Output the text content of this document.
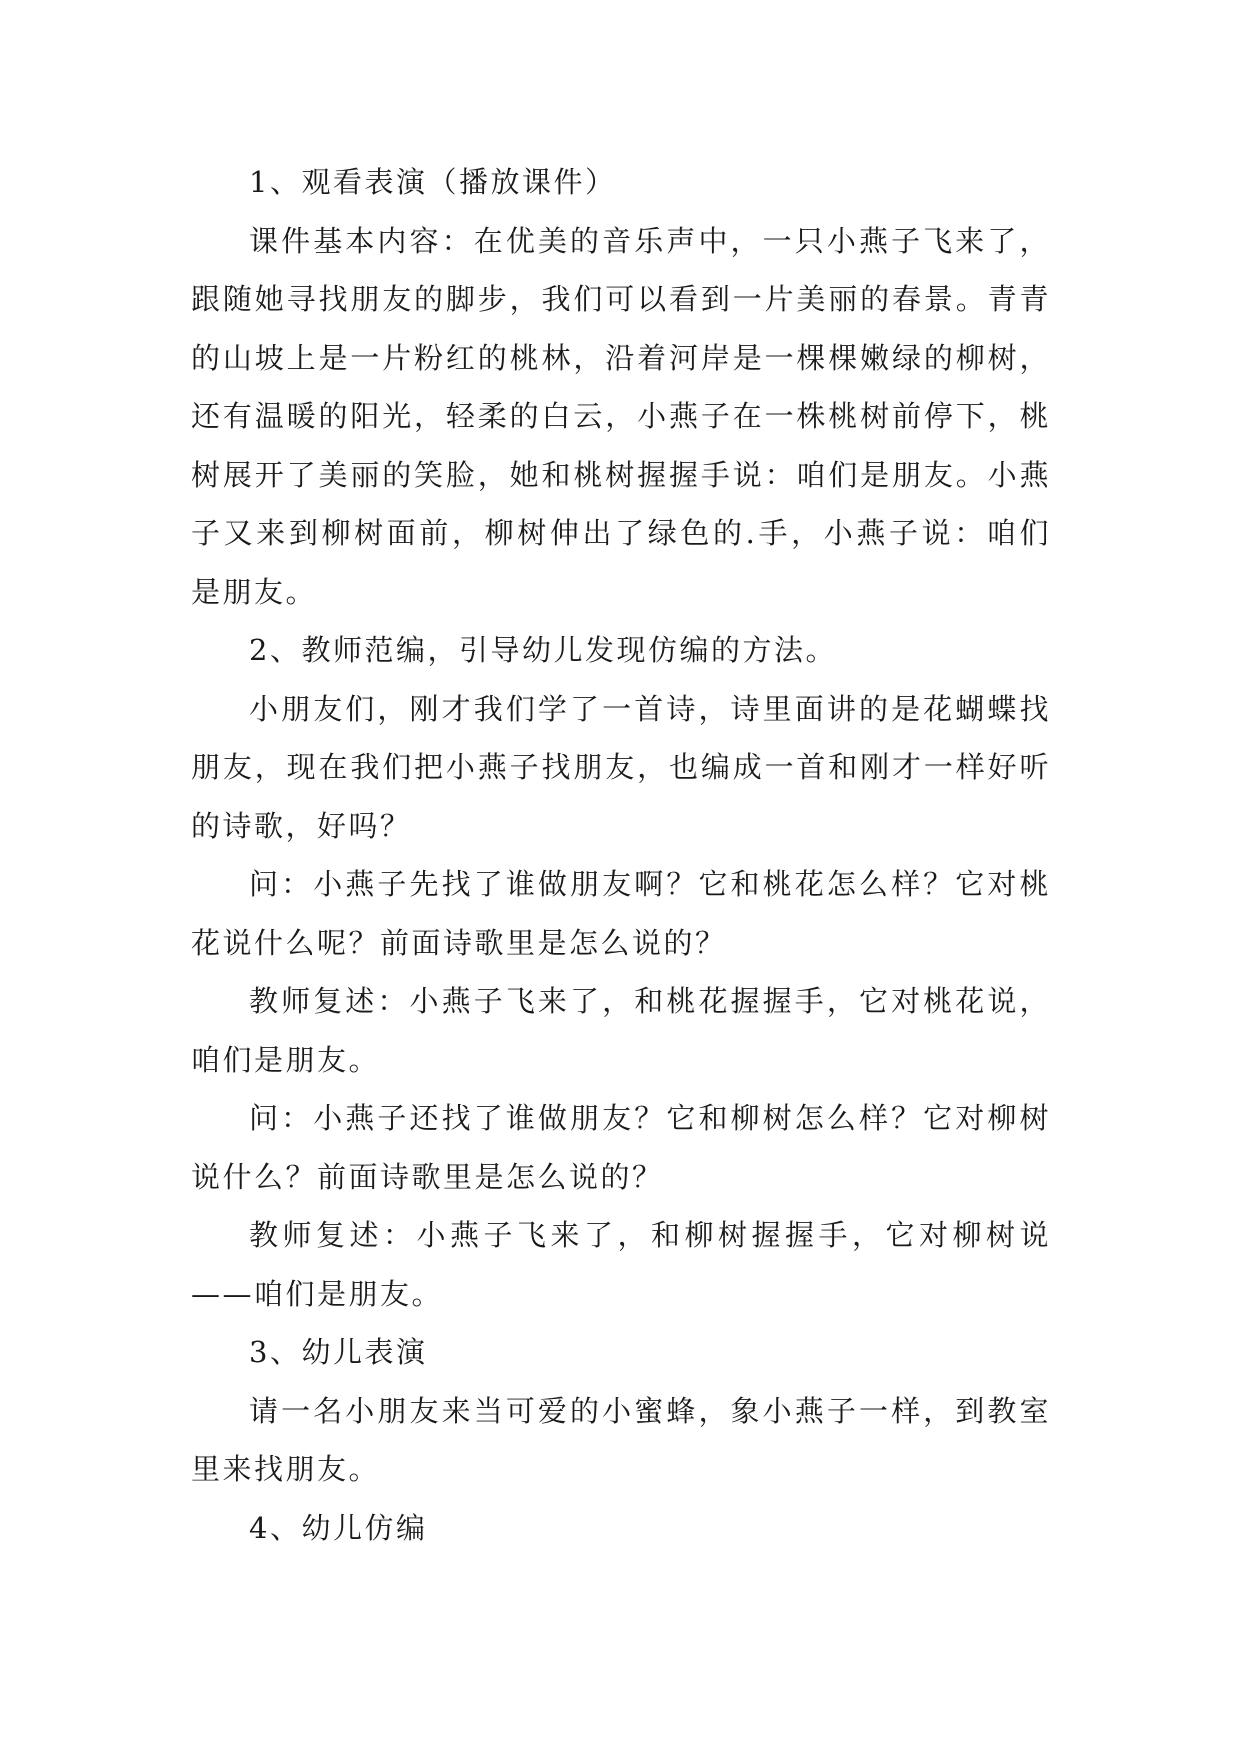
1、观看表演（播放课件）

课件基本内容：在优美的音乐声中，一只小燕子飞来了，跟随她寻找朋友的脚步，我们可以看到一片美丽的春景。青青的山坡上是一片粉红的桃林，沿着河岸是一棵棵嫩绿的柳树，还有温暖的阳光，轻柔的白云，小燕子在一株桃树前停下，桃树展开了美丽的笑脸，她和桃树握握手说：咱们是朋友。小燕子又来到柳树面前，柳树伸出了绿色的.手，小燕子说：咱们是朋友。

2、教师范编，引导幼儿发现仿编的方法。

小朋友们，刚才我们学了一首诗，诗里面讲的是花蝴蝶找朋友，现在我们把小燕子找朋友，也编成一首和刚才一样好听的诗歌，好吗？

问：小燕子先找了谁做朋友啊？它和桃花怎么样？它对桃花说什么呢？前面诗歌里是怎么说的？

教师复述：小燕子飞来了，和桃花握握手，它对桃花说，咱们是朋友。

问：小燕子还找了谁做朋友？它和柳树怎么样？它对柳树说什么？前面诗歌里是怎么说的？

教师复述：小燕子飞来了，和柳树握握手，它对柳树说——咱们是朋友。

3、幼儿表演

请一名小朋友来当可爱的小蜜蜂，象小燕子一样，到教室里来找朋友。

4、幼儿仿编
